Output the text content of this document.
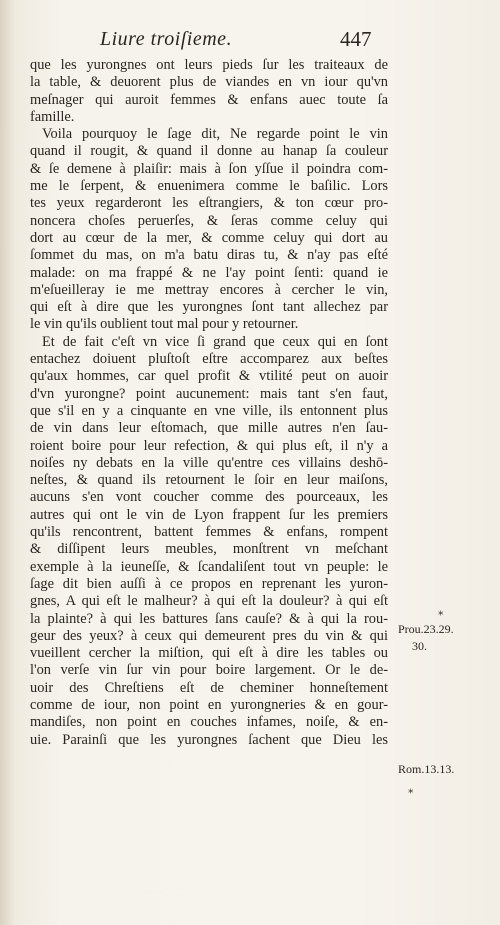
Liure troiſieme.	447
que les yurongnes ont leurs pieds ſur les traiteaux de
la table, & deuorent plus de viandes en vn iour qu'vn
meſnager qui auroit femmes & enfans auec toute ſa
famille.
Voila pourquoy le ſage dit, Ne regarde point le vin
quand il rougit, & quand il donne au hanap ſa couleur
& ſe demene à plaiſir: mais à ſon yſſue il poindra com-
me le ſerpent, & enuenimera comme le baſilic. Lors
tes yeux regarderont les eſtrangiers, & ton cœur pro-
noncera choſes peruerſes, & ſeras comme celuy qui
dort au cœur de la mer, & comme celuy qui dort au
ſommet du mas, on m'a batu diras tu, & n'ay pas eſté
malade: on ma frappé & ne l'ay point ſenti: quand ie
m'eſueilleray ie me mettray encores à cercher le vin,
qui eſt à dire que les yurongnes ſont tant allechez par
le vin qu'ils oublient tout mal pour y retourner.
Et de fait c'eſt vn vice ſi grand que ceux qui en ſont
entachez doiuent pluſtoſt eſtre accomparez aux beſtes
qu'aux hommes, car quel profit & vtilité peut on auoir
d'vn yurongne? point aucunement: mais tant s'en faut,
que s'il en y a cinquante en vne ville, ils entonnent plus
de vin dans leur eſtomach, que mille autres n'en ſau-
roient boire pour leur refection, & qui plus eſt, il n'y a
noiſes ny debats en la ville qu'entre ces villains deshō-
neſtes, & quand ils retournent le ſoir en leur maiſons,
aucuns s'en vont coucher comme des pourceaux, les
autres qui ont le vin de Lyon frappent ſur les premiers
qu'ils rencontrent, battent femmes & enfans, rompent
& diſſipent leurs meubles, monſtrent vn meſchant
exemple à la ieuneſſe, & ſcandaliſent tout vn peuple: le
ſage dit bien auſſi à ce propos en reprenant les yuron-
gnes, A qui eſt le malheur? à qui eſt la douleur? à qui eſt
la plainte? à qui les battures ſans cauſe? & à qui la rou-
geur des yeux? à ceux qui demeurent pres du vin & qui
vueillent cercher la miſtion, qui eſt à dire les tables ou
l'on verſe vin ſur vin pour boire largement. Or le de-
uoir des Chreſtiens eſt de cheminer honneſtement
comme de iour, non point en yurongneries & en gour-
mandiſes, non point en couches infames, noiſe, & en-
uie. Parainſi que les yurongnes ſachent que Dieu les
⁎
Prou.23.29.
30.
Rom.13.13.
⁎
